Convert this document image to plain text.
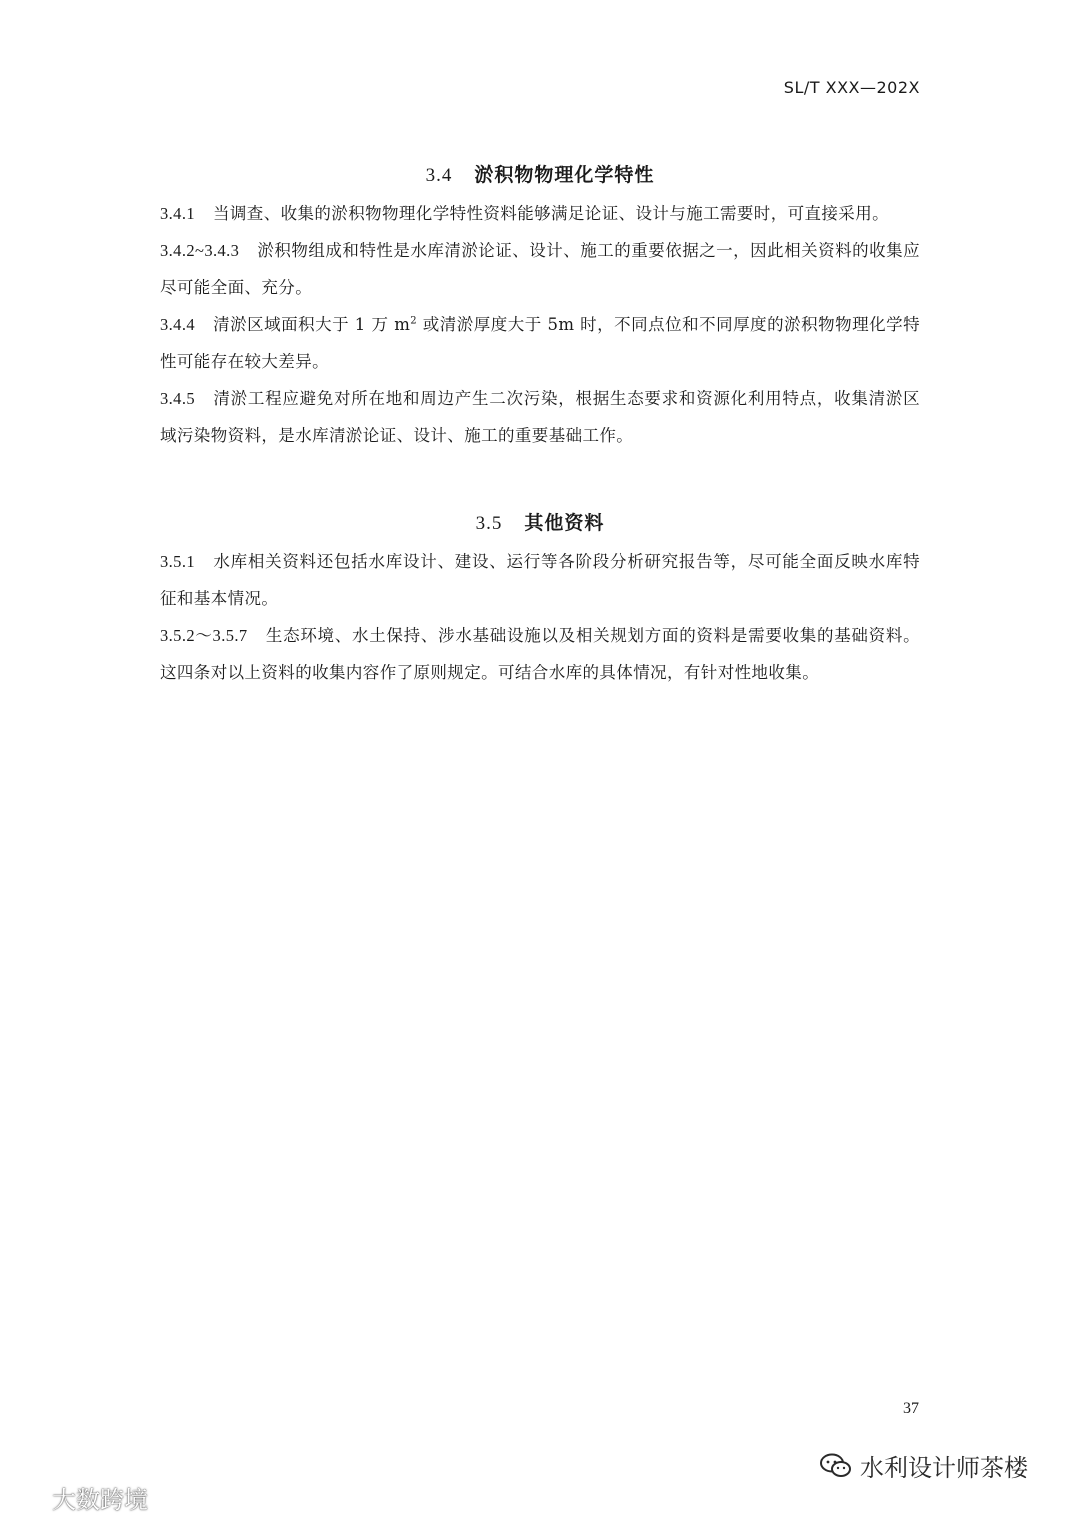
SL/T XXX—202X
3.4 淤积物物理化学特性

3.4.1 当调查、收集的淤积物物理化学特性资料能够满足论证、设计与施工需要时，可直接采用。

3.4.2~3.4.3 淤积物组成和特性是水库清淤论证、设计、施工的重要依据之一，因此相关资料的收集应尽可能全面、充分。

3.4.4 清淤区域面积大于 1 万 $m^2$ 或清淤厚度大于 5m 时，不同点位和不同厚度的淤积物物理化学特性可能存在较大差异。

3.4.5 清淤工程应避免对所在地和周边产生二次污染，根据生态要求和资源化利用特点，收集清淤区域污染物资料，是水库清淤论证、设计、施工的重要基础工作。

3.5 其他资料

3.5.1 水库相关资料还包括水库设计、建设、运行等各阶段分析研究报告等，尽可能全面反映水库特征和基本情况。

3.5.2～3.5.7 生态环境、水土保持、涉水基础设施以及相关规划方面的资料是需要收集的基础资料。这四条对以上资料的收集内容作了原则规定。可结合水库的具体情况，有针对性地收集。

37
水利设计师茶楼
大数跨境
